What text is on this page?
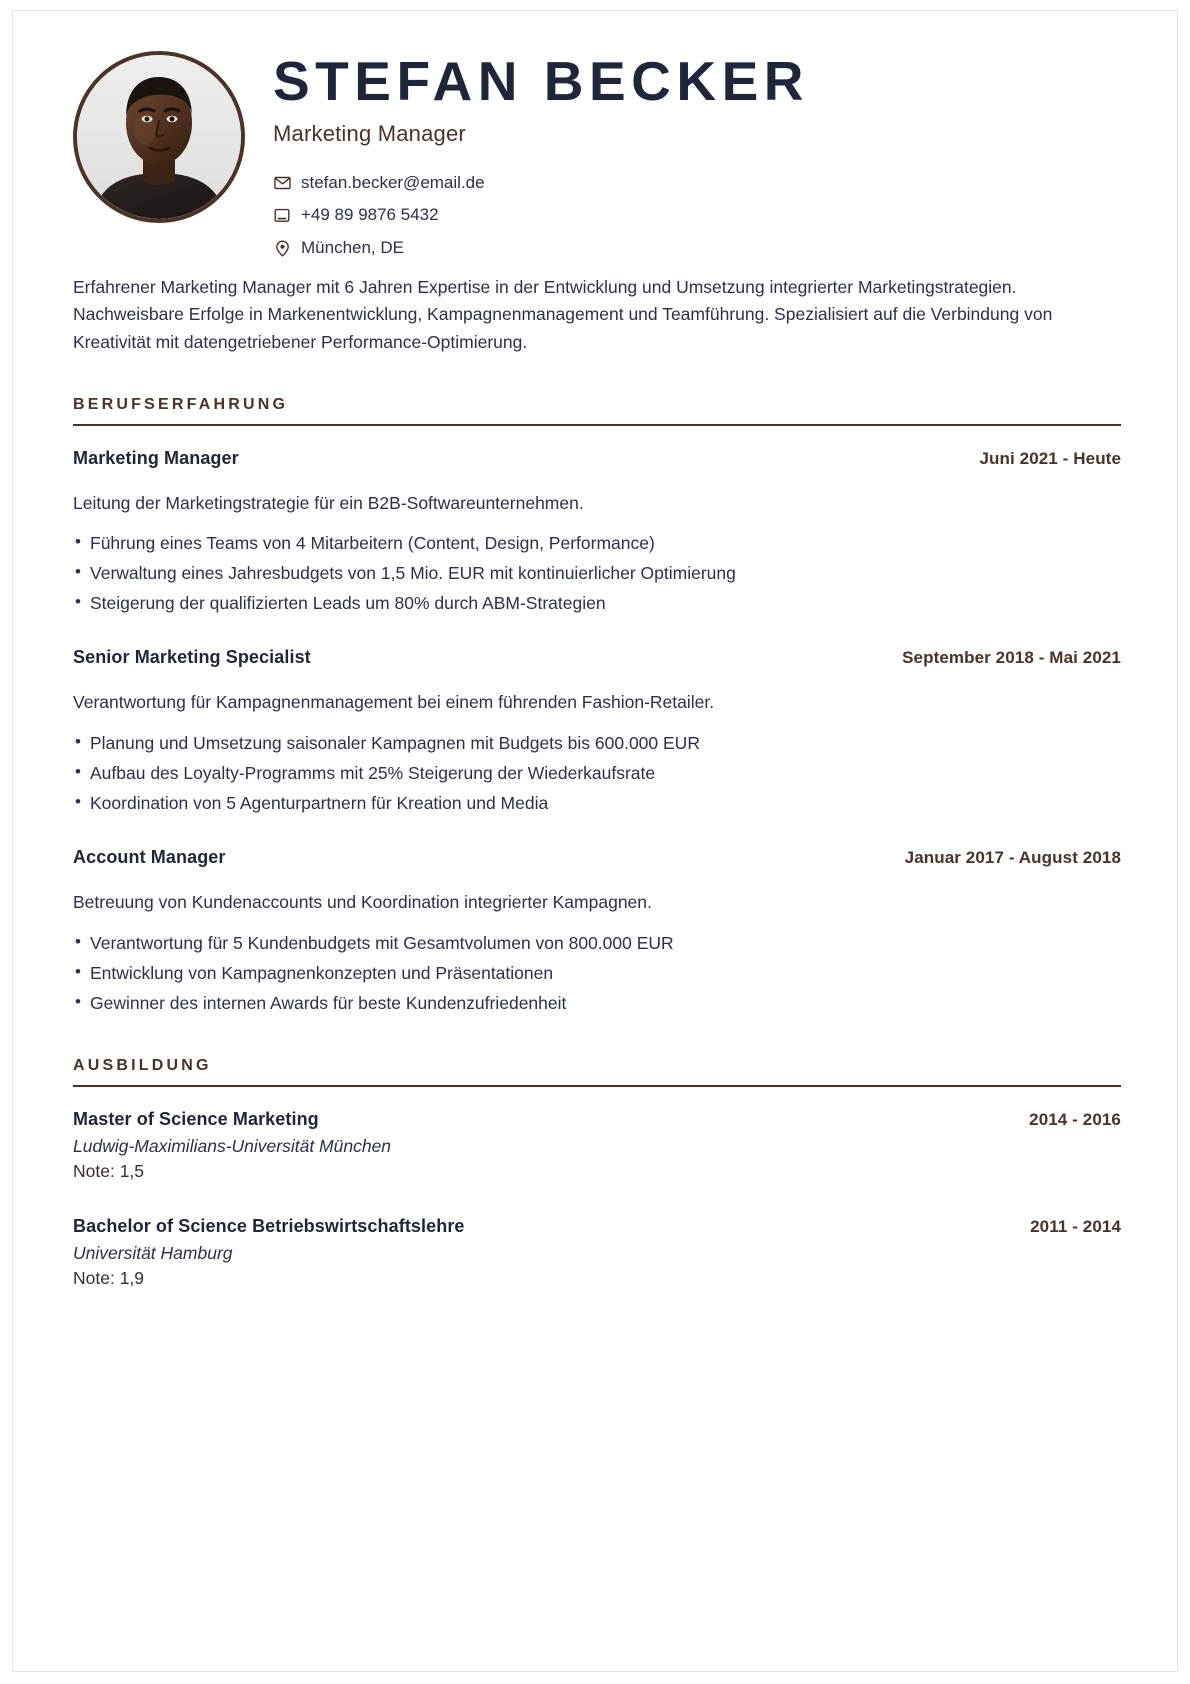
STEFAN BECKER
Marketing Manager
stefan.becker@email.de
+49 89 9876 5432
München, DE

Erfahrener Marketing Manager mit 6 Jahren Expertise in der Entwicklung und Umsetzung integrierter Marketingstrategien. Nachweisbare Erfolge in Markenentwicklung, Kampagnenmanagement und Teamführung. Spezialisiert auf die Verbindung von Kreativität mit datengetriebener Performance-Optimierung.

BERUFSERFAHRUNG
Marketing Manager	Juni 2021 - Heute
Leitung der Marketingstrategie für ein B2B-Softwareunternehmen.
• Führung eines Teams von 4 Mitarbeitern (Content, Design, Performance)
• Verwaltung eines Jahresbudgets von 1,5 Mio. EUR mit kontinuierlicher Optimierung
• Steigerung der qualifizierten Leads um 80% durch ABM-Strategien
Senior Marketing Specialist	September 2018 - Mai 2021
Verantwortung für Kampagnenmanagement bei einem führenden Fashion-Retailer.
• Planung und Umsetzung saisonaler Kampagnen mit Budgets bis 600.000 EUR
• Aufbau des Loyalty-Programms mit 25% Steigerung der Wiederkaufsrate
• Koordination von 5 Agenturpartnern für Kreation und Media
Account Manager	Januar 2017 - August 2018
Betreuung von Kundenaccounts und Koordination integrierter Kampagnen.
• Verantwortung für 5 Kundenbudgets mit Gesamtvolumen von 800.000 EUR
• Entwicklung von Kampagnenkonzepten und Präsentationen
• Gewinner des internen Awards für beste Kundenzufriedenheit
AUSBILDUNG
Master of Science Marketing	2014 - 2016
Ludwig-Maximilians-Universität München
Note: 1,5
Bachelor of Science Betriebswirtschaftslehre	2011 - 2014
Universität Hamburg
Note: 1,9
